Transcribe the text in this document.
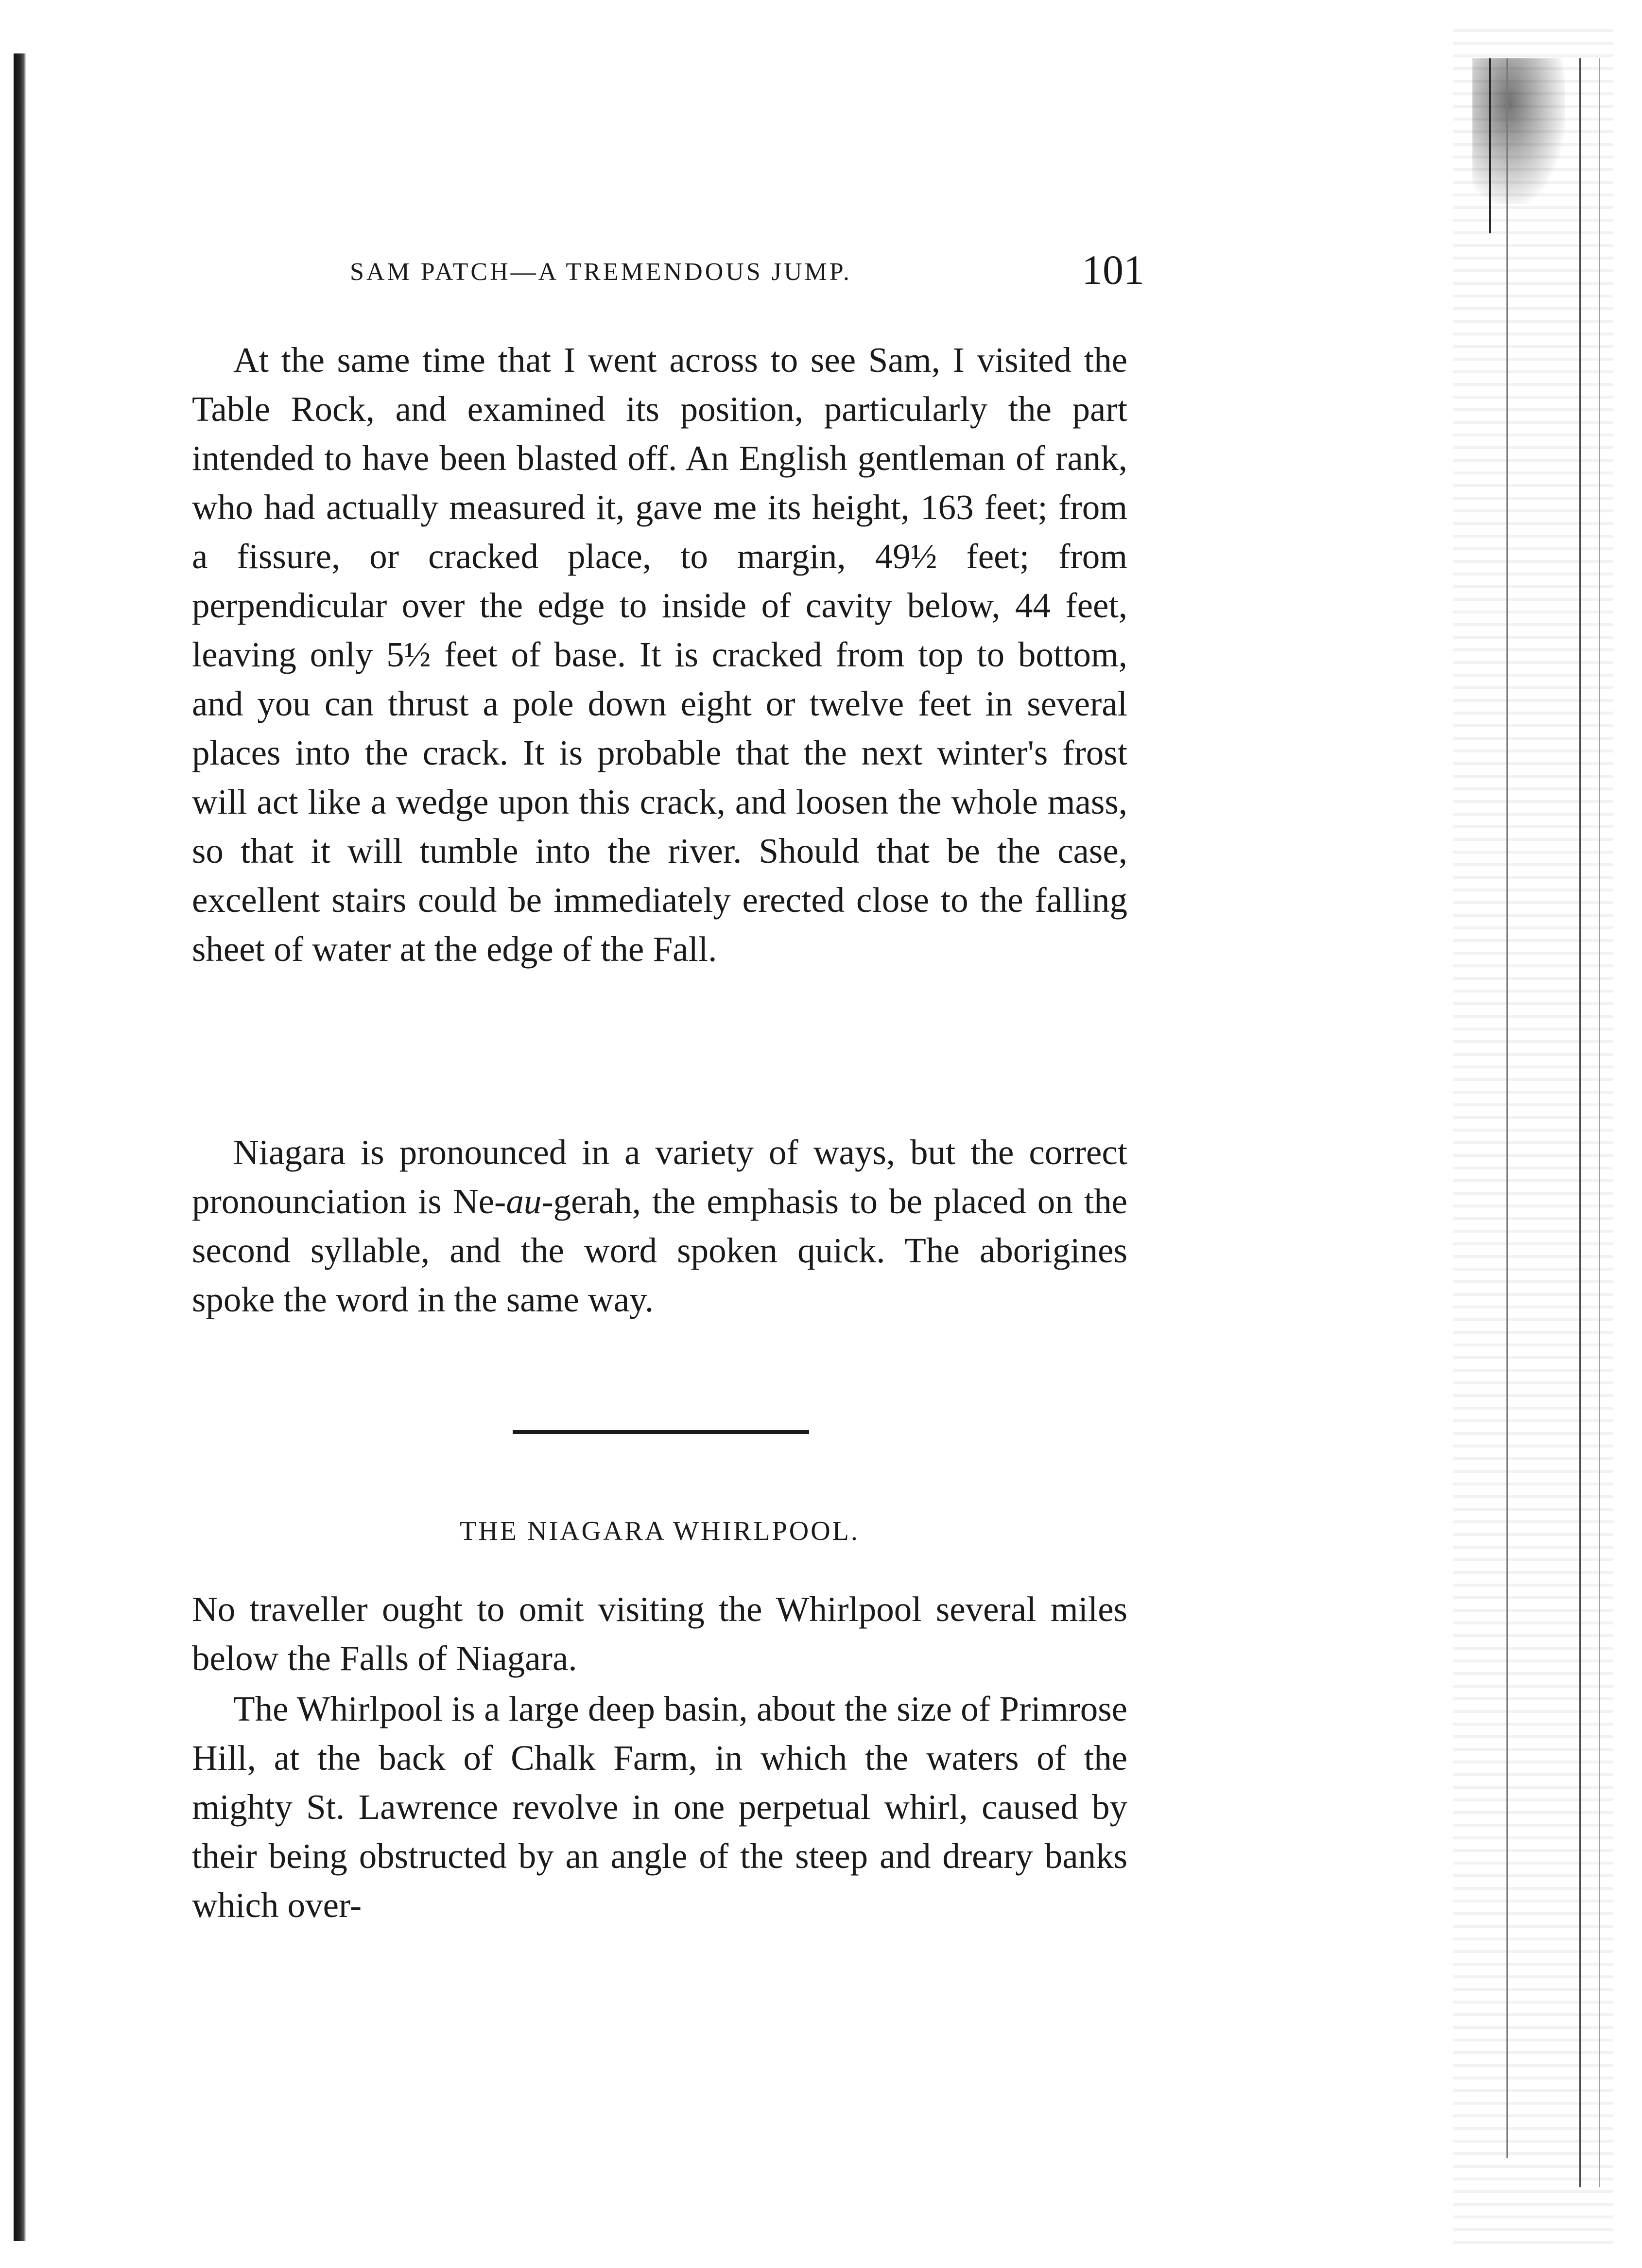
SAM PATCH—A TREMENDOUS JUMP.	101

At the same time that I went across to see Sam, I visited the Table Rock, and examined its position, particularly the part intended to have been blasted off. An English gentleman of rank, who had actually measured it, gave me its height, 163 feet; from a fissure, or cracked place, to margin, 49½ feet; from perpendicular over the edge to inside of cavity below, 44 feet, leaving only 5½ feet of base. It is cracked from top to bottom, and you can thrust a pole down eight or twelve feet in several places into the crack. It is probable that the next winter's frost will act like a wedge upon this crack, and loosen the whole mass, so that it will tumble into the river. Should that be the case, excellent stairs could be immediately erected close to the falling sheet of water at the edge of the Fall.

Niagara is pronounced in a variety of ways, but the correct pronounciation is Ne-au-gerah, the emphasis to be placed on the second syllable, and the word spoken quick. The aborigines spoke the word in the same way.

THE NIAGARA WHIRLPOOL.

No traveller ought to omit visiting the Whirlpool several miles below the Falls of Niagara.

The Whirlpool is a large deep basin, about the size of Primrose Hill, at the back of Chalk Farm, in which the waters of the mighty St. Lawrence revolve in one perpetual whirl, caused by their being obstructed by an angle of the steep and dreary banks which over-
